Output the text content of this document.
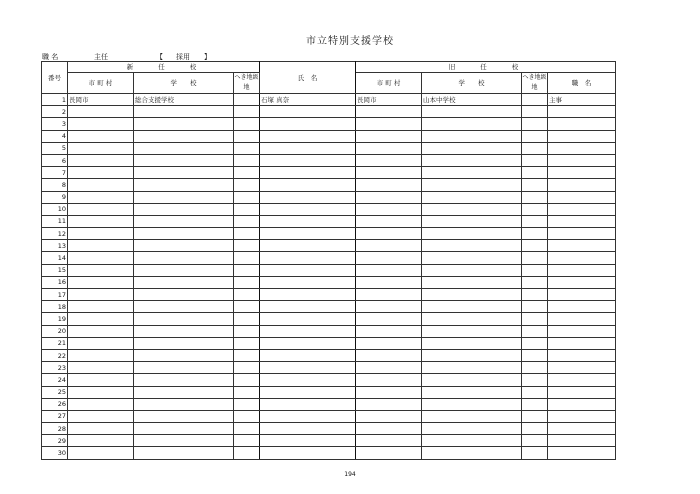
市立特別支援学校
職 名	主任	【 採用 】
番号	新　　任　　校			氏　名	旧　　任　　校			
	市 町 村	学　　校	へき地級地		市 町 村	学　　校	へき地級地	職　名
1	長岡市	総合支援学校		石塚 真奈	長岡市	山本中学校		主事
2								
3								
4								
5								
6								
7								
8								
9								
10								
11								
12								
13								
14								
15								
16								
17								
18								
19								
20								
21								
22								
23								
24								
25								
26								
27								
28								
29								
30								
194
